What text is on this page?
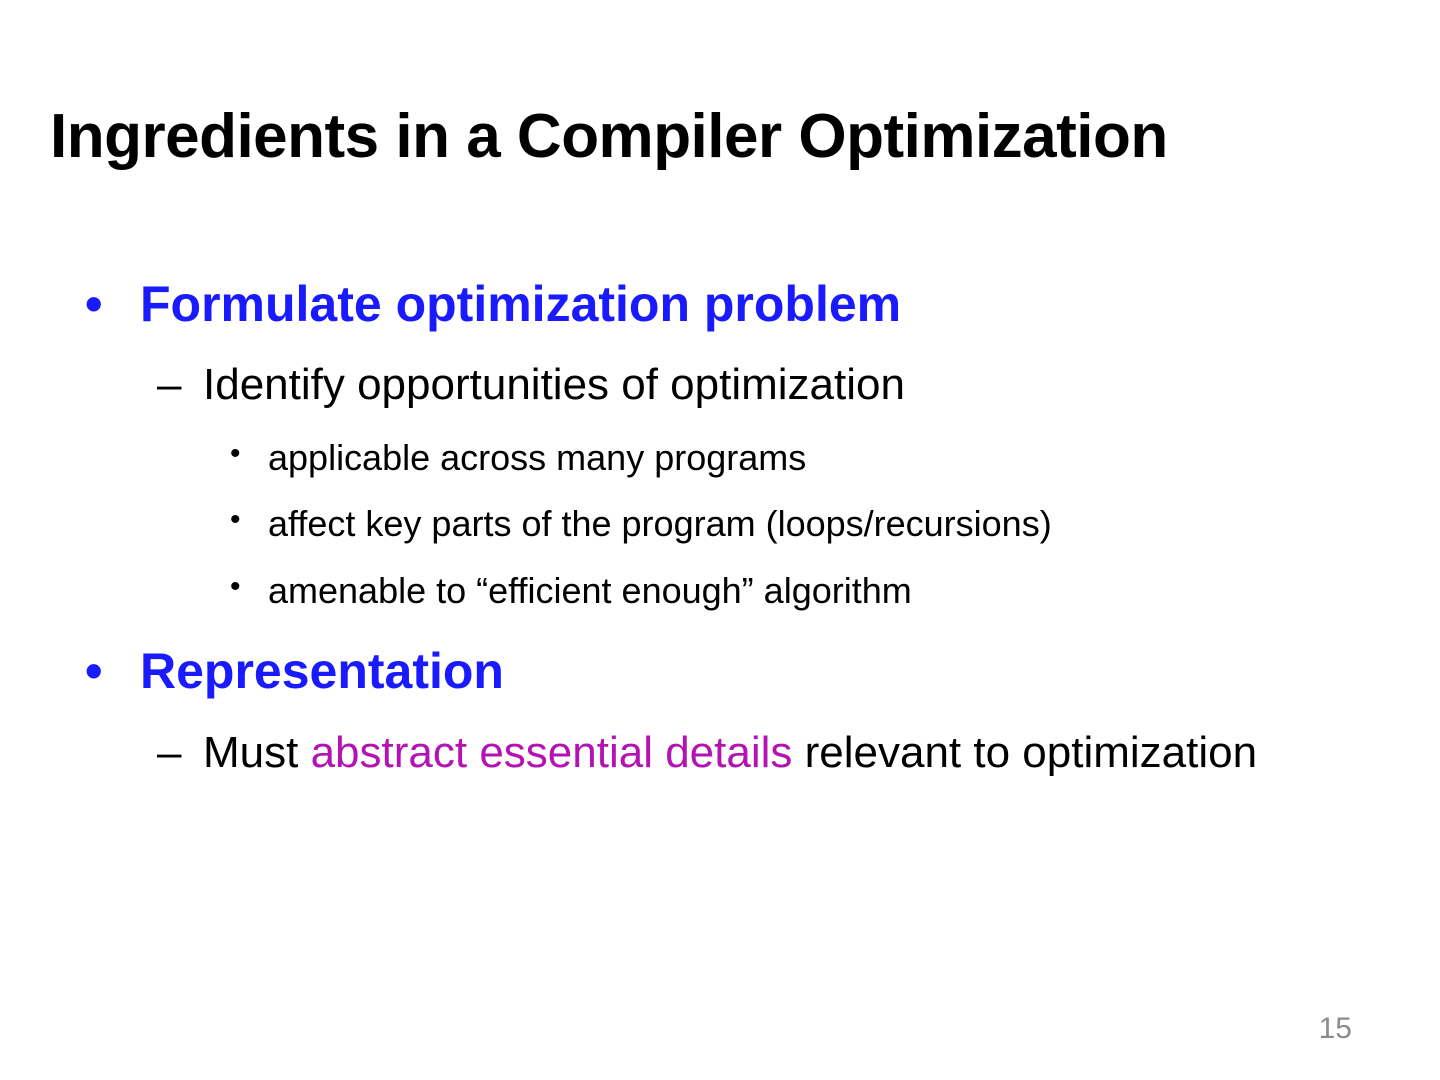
Ingredients in a Compiler Optimization
• Formulate optimization problem
– Identify opportunities of optimization
• applicable across many programs
• affect key parts of the program (loops/recursions)
• amenable to “efficient enough” algorithm
• Representation
– Must abstract essential details relevant to optimization
15
